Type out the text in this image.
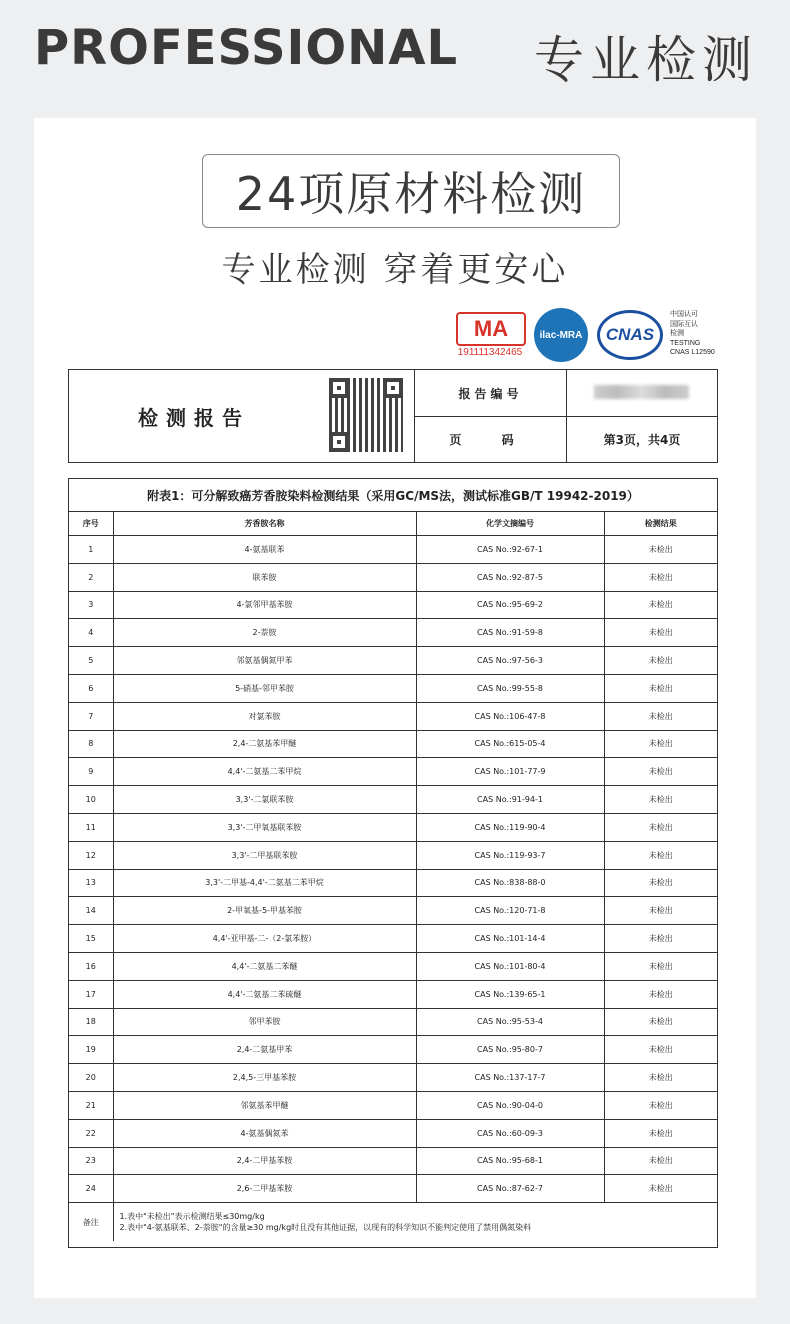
PROFESSIONAL 专业检测
24项原材料检测
专业检测 穿着更安心
MA
191111342465
ilac-MRA	CNAS
中国认可
国际互认
检测
TESTING
CNAS L12590
检测报告
报告编号
页 码	第3页，共4页
附表1：可分解致癌芳香胺染料检测结果（采用GC/MS法，测试标准GB/T 19942-2019）
序号	芳香胺名称	化学文摘编号	检测结果
1	4-氨基联苯	CAS No.:92-67-1	未检出
2	联苯胺	CAS No.:92-87-5	未检出
3	4-氯邻甲基苯胺	CAS No.:95-69-2	未检出
4	2-萘胺	CAS No.:91-59-8	未检出
5	邻氨基偶氮甲苯	CAS No.:97-56-3	未检出
6	5-硝基-邻甲苯胺	CAS No.:99-55-8	未检出
7	对氯苯胺	CAS No.:106-47-8	未检出
8	2,4-二氨基苯甲醚	CAS No.:615-05-4	未检出
9	4,4'-二氨基二苯甲烷	CAS No.:101-77-9	未检出
10	3,3'-二氯联苯胺	CAS No.:91-94-1	未检出
11	3,3'-二甲氧基联苯胺	CAS No.:119-90-4	未检出
12	3,3'-二甲基联苯胺	CAS No.:119-93-7	未检出
13	3,3'-二甲基-4,4'-二氨基二苯甲烷	CAS No.:838-88-0	未检出
14	2-甲氧基-5-甲基苯胺	CAS No.:120-71-8	未检出
15	4,4'-亚甲基-二-（2-氯苯胺）	CAS No.:101-14-4	未检出
16	4,4'-二氨基二苯醚	CAS No.:101-80-4	未检出
17	4,4'-二氨基二苯硫醚	CAS No.:139-65-1	未检出
18	邻甲苯胺	CAS No.:95-53-4	未检出
19	2,4-二氨基甲苯	CAS No.:95-80-7	未检出
20	2,4,5-三甲基苯胺	CAS No.:137-17-7	未检出
21	邻氨基苯甲醚	CAS No.:90-04-0	未检出
22	4-氨基偶氮苯	CAS No.:60-09-3	未检出
23	2,4-二甲基苯胺	CAS No.:95-68-1	未检出
24	2,6-二甲基苯胺	CAS No.:87-62-7	未检出
备注	1.表中"未检出"表示检测结果≤30mg/kg
2.表中"4-氨基联苯、2-萘胺"的含量≥30 mg/kg时且没有其他证据，以现有的科学知识不能判定使用了禁用偶氮染料		
